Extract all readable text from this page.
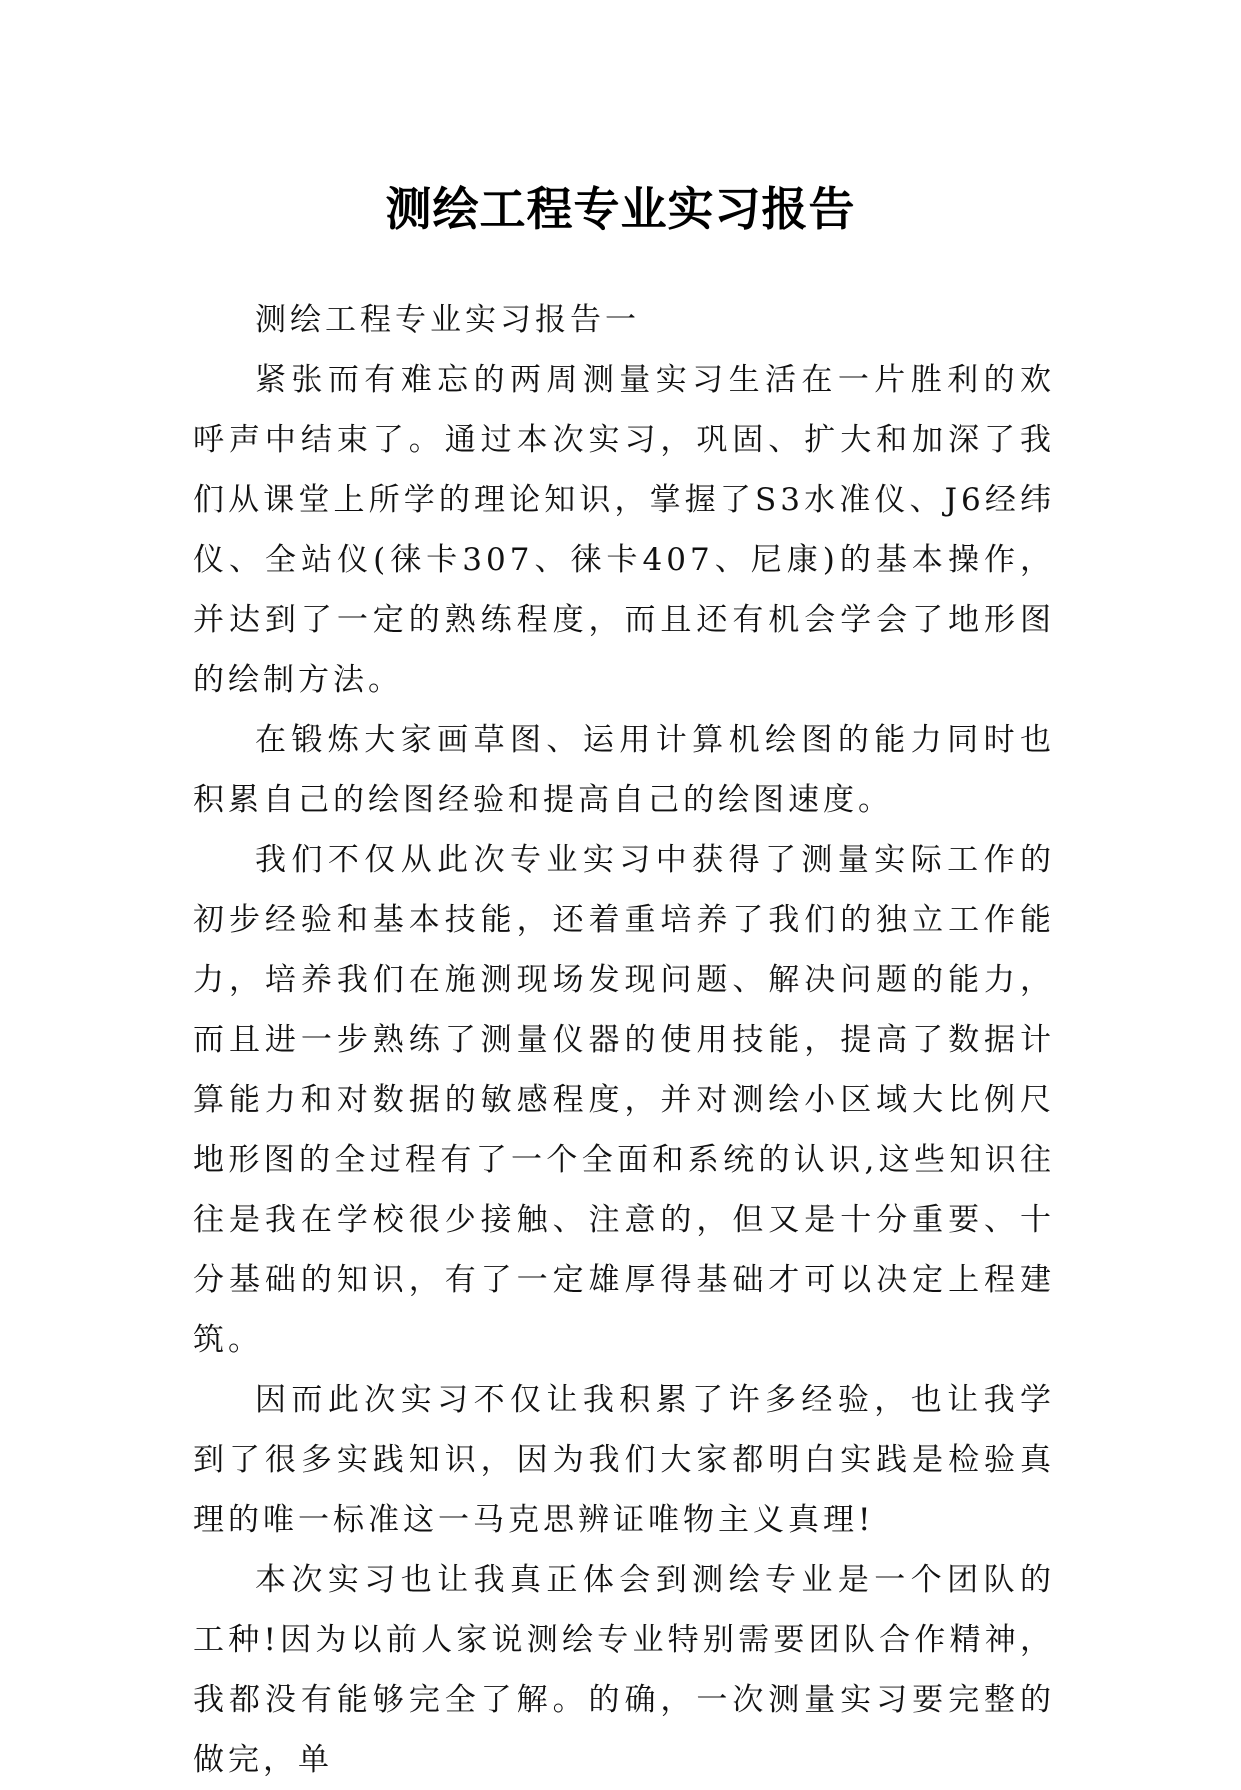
测绘工程专业实习报告

测绘工程专业实习报告一

紧张而有难忘的两周测量实习生活在一片胜利的欢呼声中结束了。通过本次实习，巩固、扩大和加深了我们从课堂上所学的理论知识，掌握了S3水准仪、J6经纬仪、全站仪(徕卡307、徕卡407、尼康)的基本操作，并达到了一定的熟练程度，而且还有机会学会了地形图的绘制方法。

在锻炼大家画草图、运用计算机绘图的能力同时也积累自己的绘图经验和提高自己的绘图速度。

我们不仅从此次专业实习中获得了测量实际工作的初步经验和基本技能，还着重培养了我们的独立工作能力，培养我们在施测现场发现问题、解决问题的能力，而且进一步熟练了测量仪器的使用技能，提高了数据计算能力和对数据的敏感程度，并对测绘小区域大比例尺地形图的全过程有了一个全面和系统的认识,这些知识往往是我在学校很少接触、注意的，但又是十分重要、十分基础的知识，有了一定雄厚得基础才可以决定上程建筑。

因而此次实习不仅让我积累了许多经验，也让我学到了很多实践知识，因为我们大家都明白实践是检验真理的唯一标准这一马克思辨证唯物主义真理!

本次实习也让我真正体会到测绘专业是一个团队的工种!因为以前人家说测绘专业特别需要团队合作精神，我都没有能够完全了解。的确，一次测量实习要完整的做完，单
